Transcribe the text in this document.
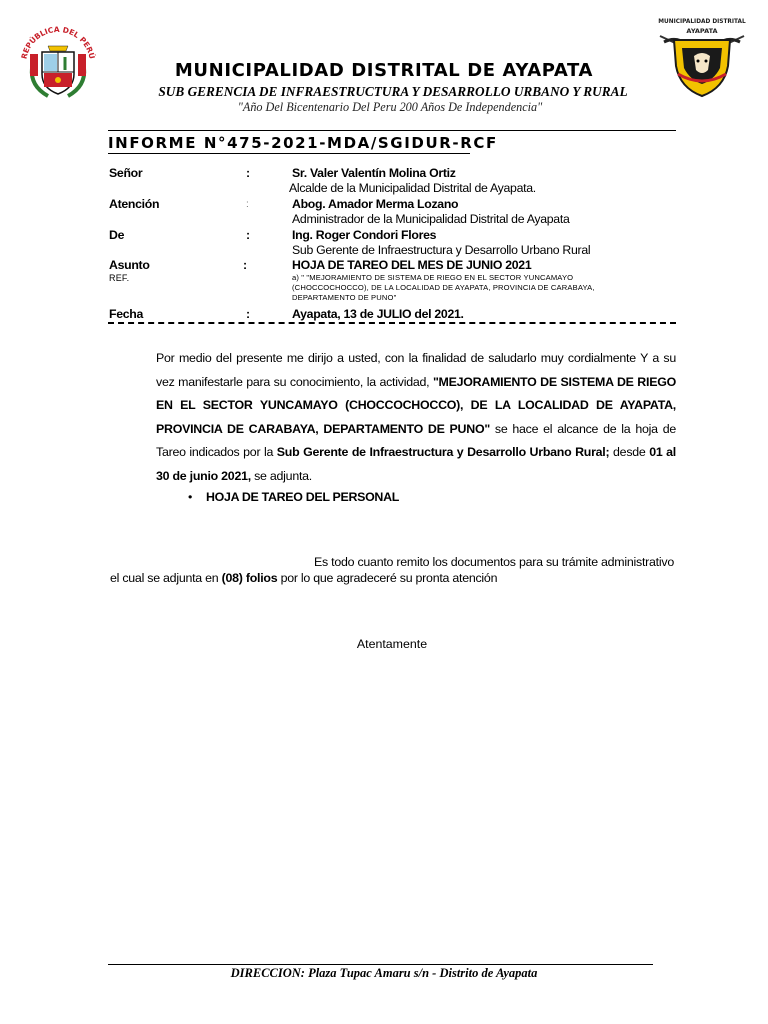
REPÚBLICA DEL PERÚ
MUNICIPALIDAD DISTRITAL
AYAPATA
MUNICIPALIDAD DISTRITAL DE AYAPATA
SUB GERENCIA DE INFRAESTRUCTURA Y DESARROLLO URBANO Y RURAL
"Año Del Bicentenario Del Peru 200 Años De Independencia"
INFORME N°475-2021-MDA/SGIDUR-RCF
Señor	:	Sr. Valer Valentín Molina Ortiz
Alcalde de la Municipalidad Distrital de Ayapata.
Atención	:	Abog. Amador Merma Lozano
Administrador de la Municipalidad Distrital de Ayapata
De	:	Ing. Roger Condori Flores
Sub Gerente de Infraestructura y Desarrollo Urbano Rural
Asunto	:	HOJA DE TAREO DEL MES DE JUNIO 2021
REF.	a) " "MEJORAMIENTO DE SISTEMA DE RIEGO EN EL SECTOR YUNCAMAYO (CHOCCOCHOCCO), DE LA LOCALIDAD DE AYAPATA, PROVINCIA DE CARABAYA, DEPARTAMENTO DE PUNO"
Fecha	:	Ayapata, 13 de JULIO del 2021.
Por medio del presente me dirijo a usted, con la finalidad de saludarlo muy cordialmente Y a su vez manifestarle para su conocimiento, la actividad, "MEJORAMIENTO DE SISTEMA DE RIEGO EN EL SECTOR YUNCAMAYO (CHOCCOCHOCCO), DE LA LOCALIDAD DE AYAPATA, PROVINCIA DE CARABAYA, DEPARTAMENTO DE PUNO" se hace el alcance de la hoja de Tareo indicados por la Sub Gerente de Infraestructura y Desarrollo Urbano Rural; desde 01 al 30 de junio 2021, se adjunta.
• HOJA DE TAREO DEL PERSONAL
Es todo cuanto remito los documentos para su trámite administrativo
el cual se adjunta en (08) folios por lo que agradeceré su pronta atención
Atentamente
DIRECCION: Plaza Tupac Amaru s/n - Distrito de Ayapata
